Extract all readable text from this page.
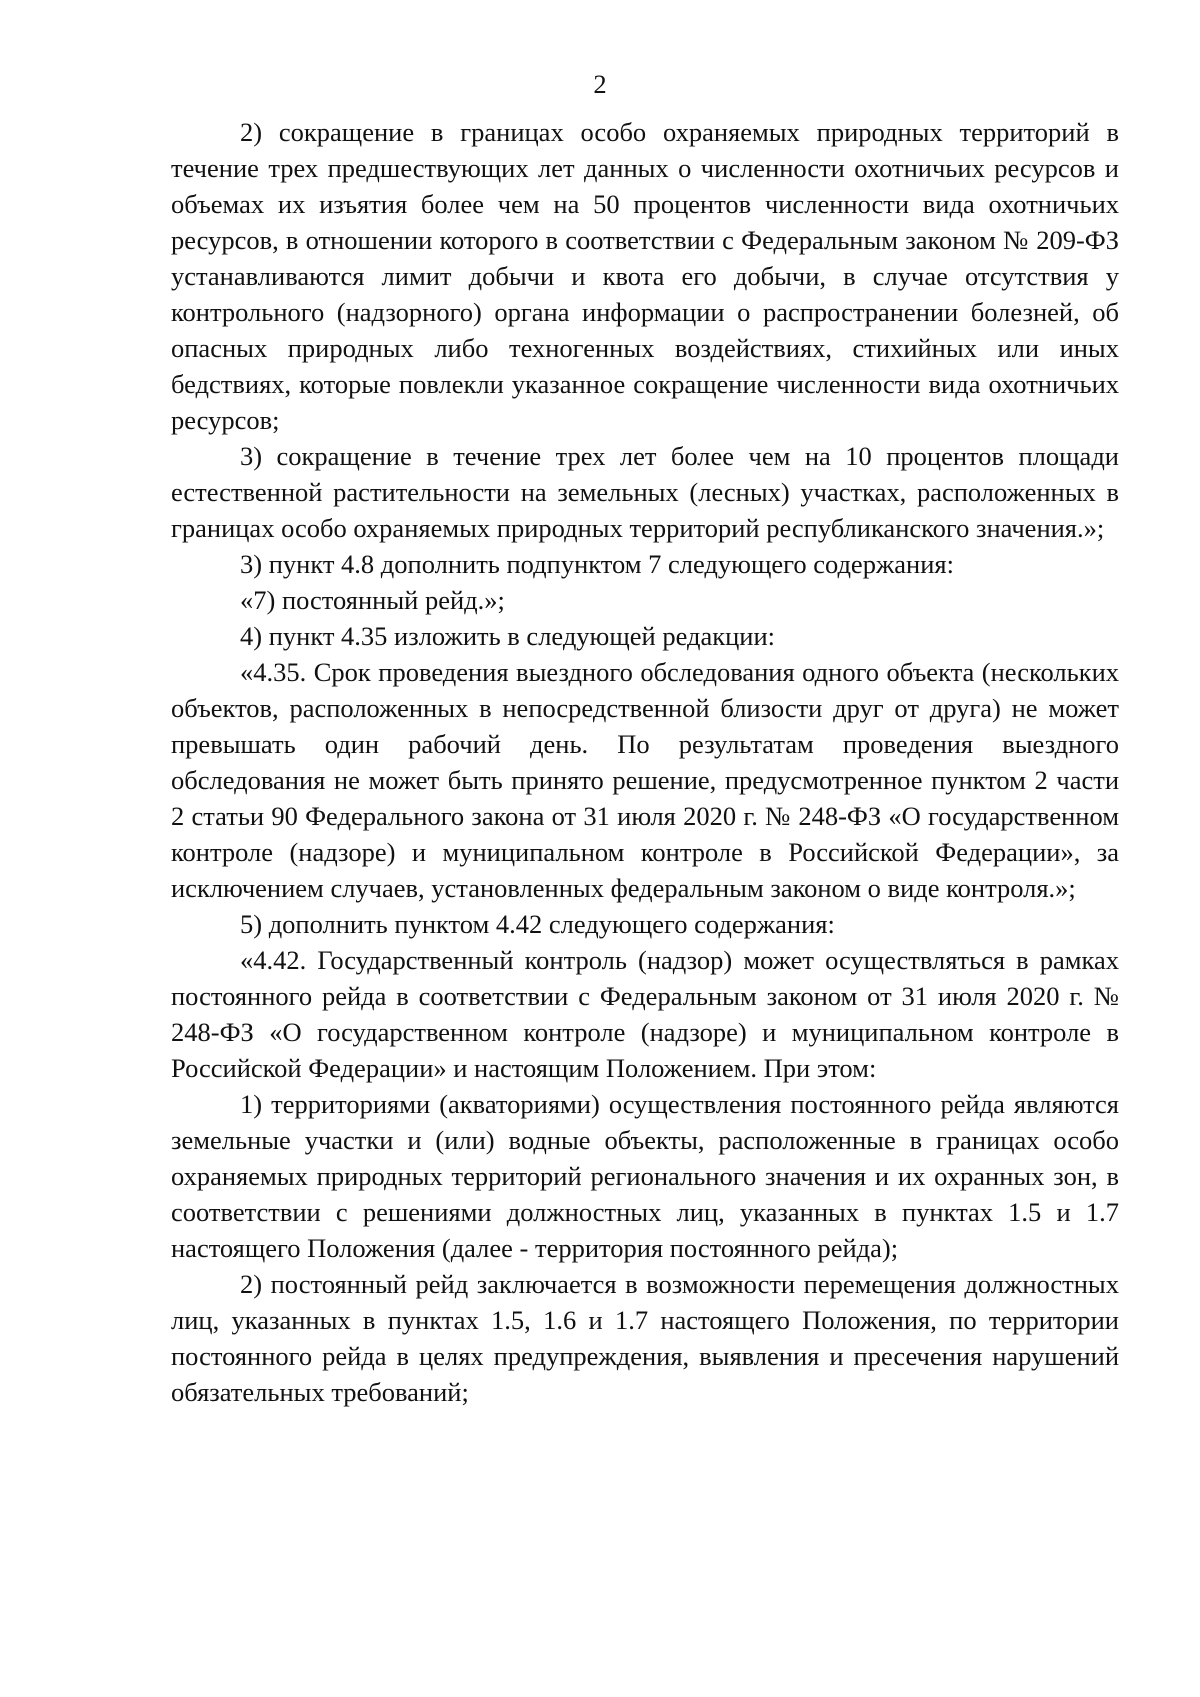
2

2) сокращение в границах особо охраняемых природных территорий в течение трех предшествующих лет данных о численности охотничьих ресурсов и объемах их изъятия более чем на 50 процентов численности вида охотничьих ресурсов, в отношении которого в соответствии с Федеральным законом № 209-ФЗ устанавливаются лимит добычи и квота его добычи, в случае отсутствия у контрольного (надзорного) органа информации о распространении болезней, об опасных природных либо техногенных воздействиях, стихийных или иных бедствиях, которые повлекли указанное сокращение численности вида охотничьих ресурсов;

3) сокращение в течение трех лет более чем на 10 процентов площади естественной растительности на земельных (лесных) участках, расположенных в границах особо охраняемых природных территорий республиканского значения.»;

3) пункт 4.8 дополнить подпунктом 7 следующего содержания:

«7) постоянный рейд.»;

4) пункт 4.35 изложить в следующей редакции:

«4.35. Срок проведения выездного обследования одного объекта (нескольких объектов, расположенных в непосредственной близости друг от друга) не может превышать один рабочий день. По результатам проведения выездного обследования не может быть принято решение, предусмотренное пунктом 2 части 2 статьи 90 Федерального закона от 31 июля 2020 г. № 248-ФЗ «О государственном контроле (надзоре) и муниципальном контроле в Российской Федерации», за исключением случаев, установленных федеральным законом о виде контроля.»;

5) дополнить пунктом 4.42 следующего содержания:

«4.42. Государственный контроль (надзор) может осуществляться в рамках постоянного рейда в соответствии с Федеральным законом от 31 июля 2020 г. № 248-ФЗ «О государственном контроле (надзоре) и муниципальном контроле в Российской Федерации» и настоящим Положением. При этом:

1) территориями (акваториями) осуществления постоянного рейда являются земельные участки и (или) водные объекты, расположенные в границах особо охраняемых природных территорий регионального значения и их охранных зон, в соответствии с решениями должностных лиц, указанных в пунктах 1.5 и 1.7 настоящего Положения (далее - территория постоянного рейда);

2) постоянный рейд заключается в возможности перемещения должностных лиц, указанных в пунктах 1.5, 1.6 и 1.7 настоящего Положения, по территории постоянного рейда в целях предупреждения, выявления и пресечения нарушений обязательных требований;
